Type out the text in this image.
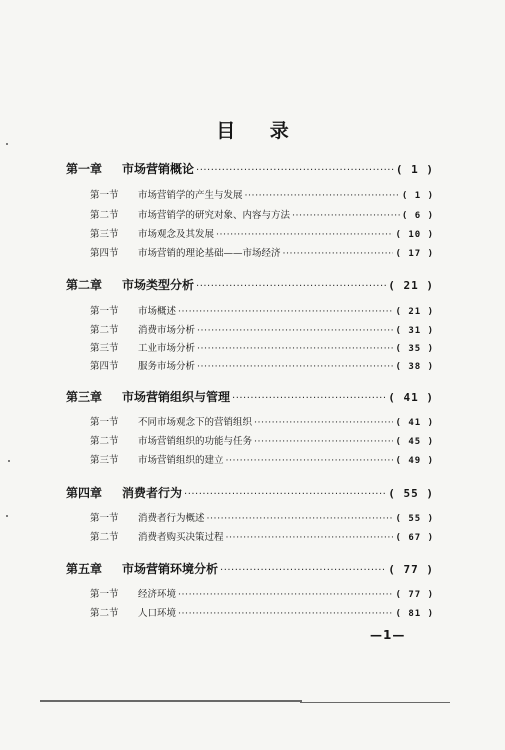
目 录
第一章	市场营销概论 ·····	( 1 )
第一节	市场营销学的产生与发展 ·····	( 1 )
第二节	市场营销学的研究对象、内容与方法 ·····	( 6 )
第三节	市场观念及其发展 ·····	( 10 )
第四节	市场营销的理论基础——市场经济 ·····	( 17 )
第二章	市场类型分析 ·····	( 21 )
第一节	市场概述 ·····	( 21 )
第二节	消费市场分析 ·····	( 31 )
第三节	工业市场分析 ·····	( 35 )
第四节	服务市场分析 ·····	( 38 )
第三章	市场营销组织与管理 ·····	( 41 )
第一节	不同市场观念下的营销组织 ·····	( 41 )
第二节	市场营销组织的功能与任务 ·····	( 45 )
第三节	市场营销组织的建立 ·····	( 49 )
第四章	消费者行为 ·····	( 55 )
第一节	消费者行为概述 ·····	( 55 )
第二节	消费者购买决策过程 ·····	( 67 )
第五章	市场营销环境分析 ·····	( 77 )
第一节	经济环境 ·····	( 77 )
第二节	人口环境 ·····	( 81 )
—1—
